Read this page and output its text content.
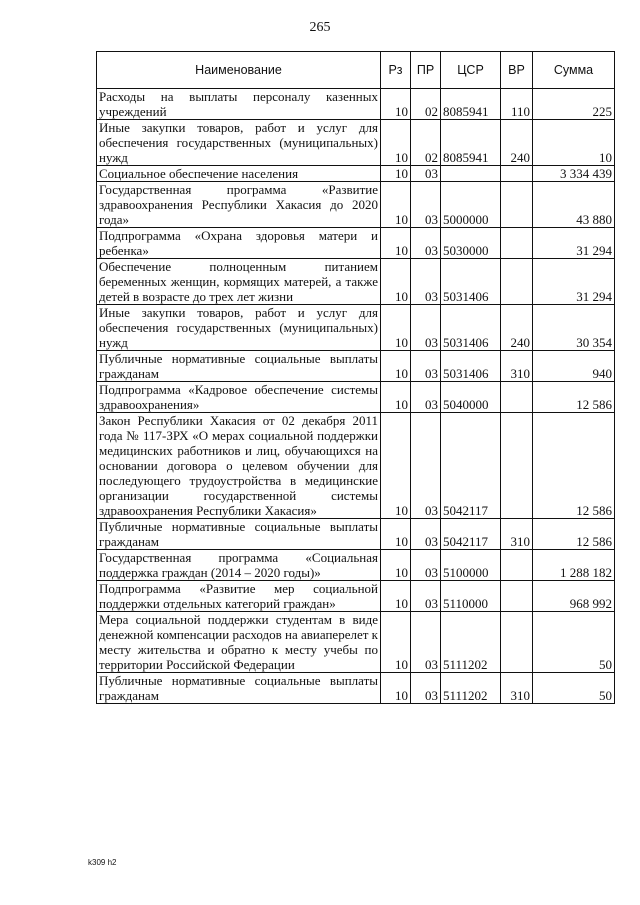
265
Наименование	Рз	ПР	ЦСР	ВР	Сумма
Расходы на выплаты персоналу казенных учреждений	10	02	8085941	110	225
Иные закупки товаров, работ и услуг для обеспечения государственных (муниципальных) нужд	10	02	8085941	240	10
Социальное обеспечение населения	10	03			3 334 439
Государственная программа «Развитие здравоохранения Республики Хакасия до 2020 года»	10	03	5000000		43 880
Подпрограмма «Охрана здоровья матери и ребенка»	10	03	5030000		31 294
Обеспечение полноценным питанием беременных женщин, кормящих матерей, а также детей в возрасте до трех лет жизни	10	03	5031406		31 294
Иные закупки товаров, работ и услуг для обеспечения государственных (муниципальных) нужд	10	03	5031406	240	30 354
Публичные нормативные социальные выплаты гражданам	10	03	5031406	310	940
Подпрограмма «Кадровое обеспечение системы здравоохранения»	10	03	5040000		12 586
Закон Республики Хакасия от 02 декабря 2011 года № 117-ЗРХ «О мерах социальной поддержки медицинских работников и лиц, обучающихся на основании договора о целевом обучении для последующего трудоустройства в медицинские организации государственной системы здравоохранения Республики Хакасия»	10	03	5042117		12 586
Публичные нормативные социальные выплаты гражданам	10	03	5042117	310	12 586
Государственная программа «Социальная поддержка граждан (2014 – 2020 годы)»	10	03	5100000		1 288 182
Подпрограмма «Развитие мер социальной поддержки отдельных категорий граждан»	10	03	5110000		968 992
Мера социальной поддержки студентам в виде денежной компенсации расходов на авиаперелет к месту жительства и обратно к месту учебы по территории Российской Федерации	10	03	5111202		50
Публичные нормативные социальные выплаты гражданам	10	03	5111202	310	50
k309 h2
